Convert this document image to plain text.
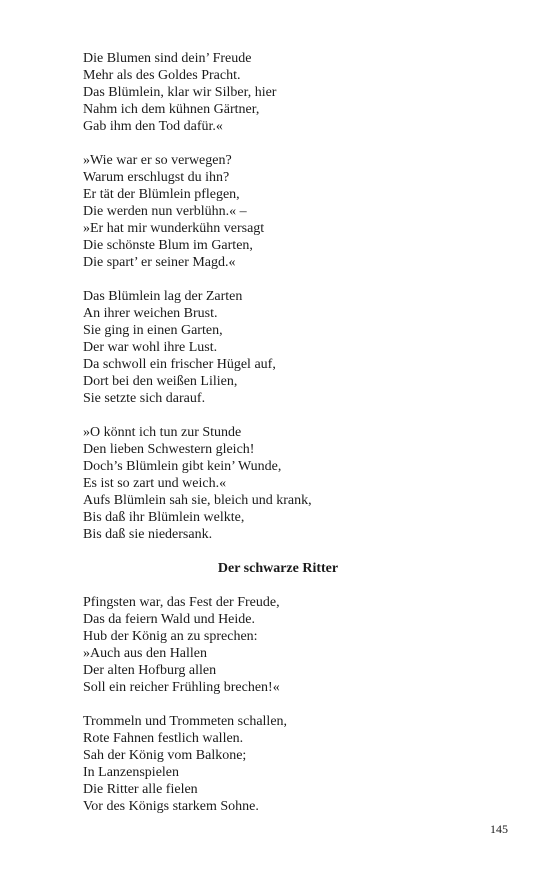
Die Blumen sind dein’ Freude
Mehr als des Goldes Pracht.
Das Blümlein, klar wir Silber, hier
Nahm ich dem kühnen Gärtner,
Gab ihm den Tod dafür.«
»Wie war er so verwegen?
Warum erschlugst du ihn?
Er tät der Blümlein pflegen,
Die werden nun verblühn.« –
»Er hat mir wunderkühn versagt
Die schönste Blum im Garten,
Die spart’ er seiner Magd.«
Das Blümlein lag der Zarten
An ihrer weichen Brust.
Sie ging in einen Garten,
Der war wohl ihre Lust.
Da schwoll ein frischer Hügel auf,
Dort bei den weißen Lilien,
Sie setzte sich darauf.
»O könnt ich tun zur Stunde
Den lieben Schwestern gleich!
Doch’s Blümlein gibt kein’ Wunde,
Es ist so zart und weich.«
Aufs Blümlein sah sie, bleich und krank,
Bis daß ihr Blümlein welkte,
Bis daß sie niedersank.
Der schwarze Ritter
Pfingsten war, das Fest der Freude,
Das da feiern Wald und Heide.
Hub der König an zu sprechen:
»Auch aus den Hallen
Der alten Hofburg allen
Soll ein reicher Frühling brechen!«
Trommeln und Trommeten schallen,
Rote Fahnen festlich wallen.
Sah der König vom Balkone;
In Lanzenspielen
Die Ritter alle fielen
Vor des Königs starkem Sohne.
145
